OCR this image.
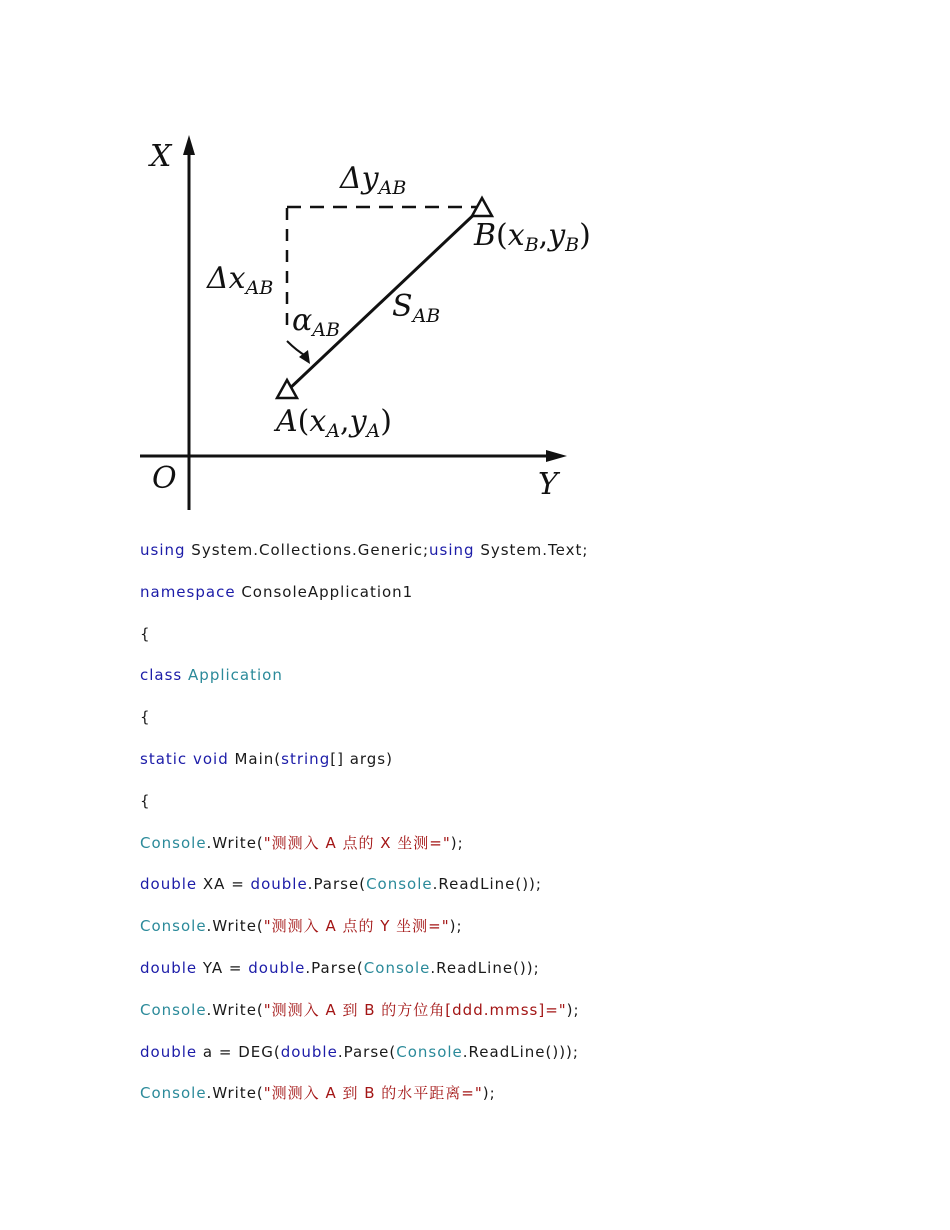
X
O	Y
$\Delta y_{AB}$
$\Delta x_{AB}$
$\alpha_{AB}$
$S_{AB}$
$B(x_B,y_B)$
$A(x_A,y_A)$
using System.Collections.Generic;using System.Text;
namespace ConsoleApplication1
{
class Application
{
static void Main(string[] args)
{
Console.Write("测测入 A 点的 X 坐测=");
double XA = double.Parse(Console.ReadLine());
Console.Write("测测入 A 点的 Y 坐测=");
double YA = double.Parse(Console.ReadLine());
Console.Write("测测入 A 到 B 的方位角[ddd.mmss]=");
double a = DEG(double.Parse(Console.ReadLine()));
Console.Write("测测入 A 到 B 的水平距离=");
